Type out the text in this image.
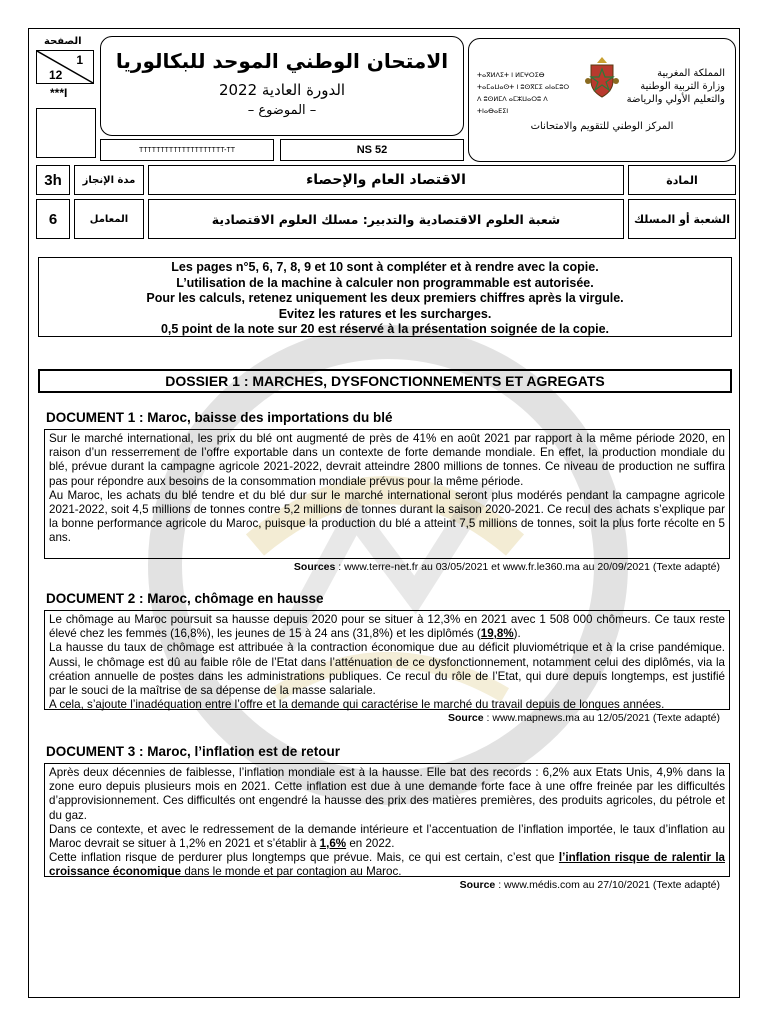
الصفحة
1
12
***I
الامتحان الوطني الموحد للبكالوريا
الدورة العادية 2022
– الموضوع –
TTTTTTTTTTTTTTTTTTTT-TT	NS 52
ⵜⴰⴳⵍⴷⵉⵜ ⵏ ⵍⵎⵖⵔⵉⴱ
ⵜⴰⵎⴰⵡⴰⵙⵜ ⵏ ⵓⵙⴳⵎⵉ ⴰⵏⴰⵎⵓⵔ
ⴷ ⵓⵙⵍⵎⴷ ⴰⵎⵣⵡⴰⵔⵓ ⴷ ⵜⵏⴰⴱⴰⴹⵉⵏ
المملكة المغربية
وزارة التربية الوطنية
والتعليم الأولي والرياضة
المركز الوطني للتقويم والامتحانات
3h مدة الإنجاز	الاقتصاد العام والإحصاء	المادة
6	المعامل	شعبة العلوم الاقتصادية والتدبير: مسلك العلوم الاقتصادية	الشعبة أو المسلك
Les pages n°5, 6, 7, 8, 9 et 10 sont à compléter et à rendre avec la copie.
L’utilisation de la machine à calculer non programmable est autorisée.
Pour les calculs, retenez uniquement les deux premiers chiffres après la virgule.
Evitez les ratures et les surcharges.
0,5 point de la note sur 20 est réservé à la présentation soignée de la copie.
DOSSIER 1 : MARCHES, DYSFONCTIONNEMENTS ET AGREGATS
DOCUMENT 1 : Maroc, baisse des importations du blé
Sur le marché international, les prix du blé ont augmenté de près de 41% en août 2021 par rapport à la même période 2020, en raison d’un resserrement de l’offre exportable dans un contexte de forte demande mondiale. En effet, la production mondiale du blé, prévue durant la campagne agricole 2021-2022, devrait atteindre 2800 millions de tonnes. Ce niveau de production ne suffira pas pour répondre aux besoins de la consommation mondiale prévus pour la même période.
Au Maroc, les achats du blé tendre et du blé dur sur le marché international seront plus modérés pendant la campagne agricole 2021-2022, soit 4,5 millions de tonnes contre 5,2 millions de tonnes durant la saison 2020-2021. Ce recul des achats s’explique par la bonne performance agricole du Maroc, puisque la production du blé a atteint 7,5 millions de tonnes, soit la plus forte récolte en 5 ans.
Sources : www.terre-net.fr au 03/05/2021 et www.fr.le360.ma au 20/09/2021 (Texte adapté)
DOCUMENT 2 : Maroc, chômage en hausse
Le chômage au Maroc poursuit sa hausse depuis 2020 pour se situer à 12,3% en 2021 avec 1 508 000 chômeurs. Ce taux reste élevé chez les femmes (16,8%), les jeunes de 15 à 24 ans (31,8%) et les diplômés (19,8%).
La hausse du taux de chômage est attribuée à la contraction économique due au déficit pluviométrique et à la crise pandémique. Aussi, le chômage est dû au faible rôle de l’Etat dans l’atténuation de ce dysfonctionnement, notamment celui des diplômés, via la création annuelle de postes dans les administrations publiques. Ce recul du rôle de l’Etat, qui dure depuis longtemps, est justifié par le souci de la maîtrise de sa dépense de la masse salariale.
A cela, s’ajoute l’inadéquation entre l’offre et la demande qui caractérise le marché du travail depuis de longues années.
Source : www.mapnews.ma au 12/05/2021 (Texte adapté)
DOCUMENT 3 : Maroc, l’inflation est de retour
Après deux décennies de faiblesse, l’inflation mondiale est à la hausse. Elle bat des records : 6,2% aux Etats Unis, 4,9% dans la zone euro depuis plusieurs mois en 2021. Cette inflation est due à une demande forte face à une offre freinée par les difficultés d’approvisionnement. Ces difficultés ont engendré la hausse des prix des matières premières, des produits agricoles, du pétrole et du gaz.
Dans ce contexte, et avec le redressement de la demande intérieure et l’accentuation de l’inflation importée, le taux d’inflation au Maroc devrait se situer à 1,2% en 2021 et s’établir à 1,6% en 2022.
Cette inflation risque de perdurer plus longtemps que prévue. Mais, ce qui est certain, c’est que l’inflation risque de ralentir la croissance économique dans le monde et par contagion au Maroc.
Source : www.médis.com au 27/10/2021 (Texte adapté)
